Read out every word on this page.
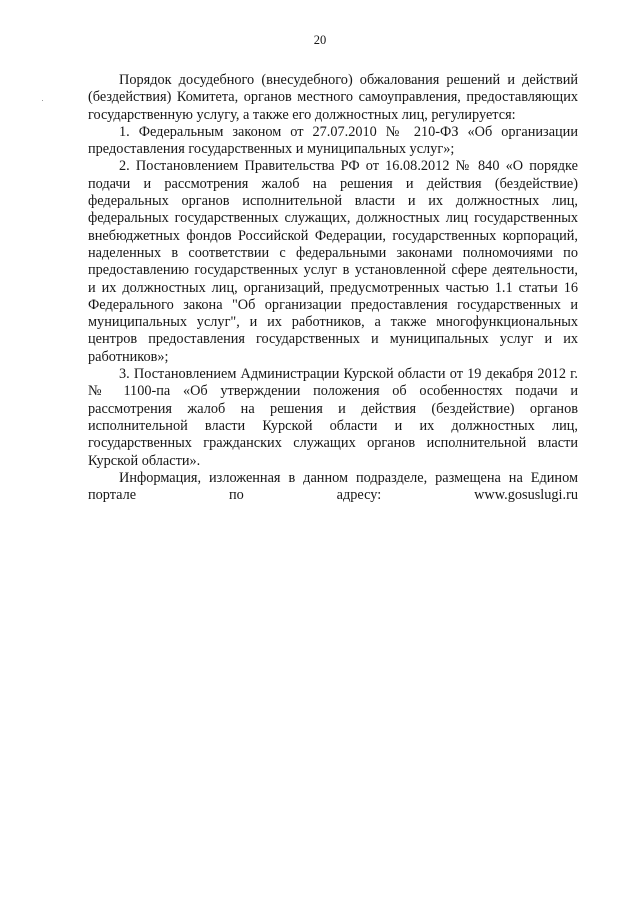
20

Порядок досудебного (внесудебного) обжалования решений и действий (бездействия) Комитета, органов местного самоуправления, предоставляющих государственную услугу, а также его должностных лиц, регулируется:

1. Федеральным законом от 27.07.2010 № 210-ФЗ «Об организации предоставления государственных и муниципальных услуг»;

2. Постановлением Правительства РФ от 16.08.2012 № 840 «О порядке подачи и рассмотрения жалоб на решения и действия (бездействие) федеральных органов исполнительной власти и их должностных лиц, федеральных государственных служащих, должностных лиц государственных внебюджетных фондов Российской Федерации, государственных корпораций, наделенных в соответствии с федеральными законами полномочиями по предоставлению государственных услуг в установленной сфере деятельности, и их должностных лиц, организаций, предусмотренных частью 1.1 статьи 16 Федерального закона "Об организации предоставления государственных и муниципальных услуг", и их работников, а также многофункциональных центров предоставления государственных и муниципальных услуг и их работников»;

3. Постановлением Администрации Курской области от 19 декабря 2012 г. № 1100-па «Об утверждении положения об особенностях подачи и рассмотрения жалоб на решения и действия (бездействие) органов исполнительной власти Курской области и их должностных лиц, государственных гражданских служащих органов исполнительной власти Курской области».

Информация, изложенная в данном подразделе, размещена на Едином портале по адресу:	www.gosuslugi.ru
